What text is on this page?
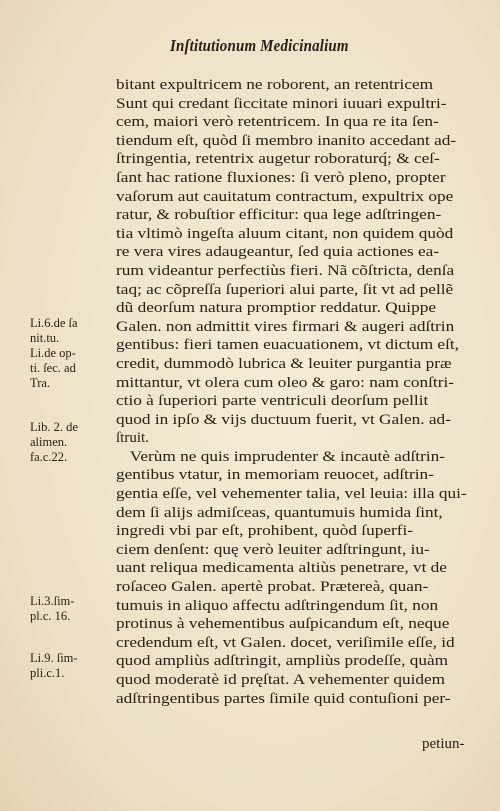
Inſtitutionum Medicinalium
bitant expultricem ne roborent, an retentricem
Sunt qui credant ſiccitate minori iuuari expultri-
cem, maiori verò retentricem. In qua re ita ſen-
tiendum eſt, quòd ſi membro inanito accedant ad-
ſtringentia, retentrix augetur roboraturq́; & ceſ-
ſant hac ratione fluxiones: ſi verò pleno, propter
vaſorum aut cauitatum contractum, expultrix ope
ratur, & robuſtior efficitur: qua lege adſtringen-
tia vltimò ingeſta aluum citant, non quidem quòd
re vera vires adaugeantur, ſed quia actiones ea-
rum videantur perfectiùs fieri. Nã cõſtricta, denſa
taq; ac cõpreſſa ſuperiori alui parte, ſit vt ad pellẽ
dũ deorſum natura promptior reddatur. Quippe
Galen. non admittit vires firmari & augeri adſtrin
gentibus: fieri tamen euacuationem, vt dictum eſt,
credit, dummodò lubrica & leuiter purgantia præ
mittantur, vt olera cum oleo & garo: nam conſtri-
ctio à ſuperiori parte ventriculi deorſum pellit
quod in ipſo & vijs ductuum fuerit, vt Galen. ad-
ſtruit.
Verùm ne quis imprudenter & incautè adſtrin-
gentibus vtatur, in memoriam reuocet, adſtrin-
gentia eſſe, vel vehementer talia, vel leuia: illa qui-
dem ſi alijs admiſceas, quantumuis humida ſint,
ingredi vbi par eſt, prohibent, quòd ſuperfi-
ciem denſent: quę verò leuiter adſtringunt, iu-
uant reliqua medicamenta altiùs penetrare, vt de
roſaceo Galen. apertè probat. Prætereà, quan-
tumuis in aliquo affectu adſtringendum ſit, non
protinus à vehementibus auſpicandum eſt, neque
credendum eſt, vt Galen. docet, veriſimile eſſe, id
quod ampliùs adſtringit, ampliùs prodeſſe, quàm
quod moderatè id pręſtat. A vehementer quidem
adſtringentibus partes ſimile quid contuſioni per-
petiun-
Li.6.de ſa
nit.tu.
Li.de op-
ti. ſec. ad
Tra.
Lib. 2. de
alimen.
fa.c.22.
Li.3.ſim-
pl.c. 16.
Li.9. ſim-
pli.c.1.
